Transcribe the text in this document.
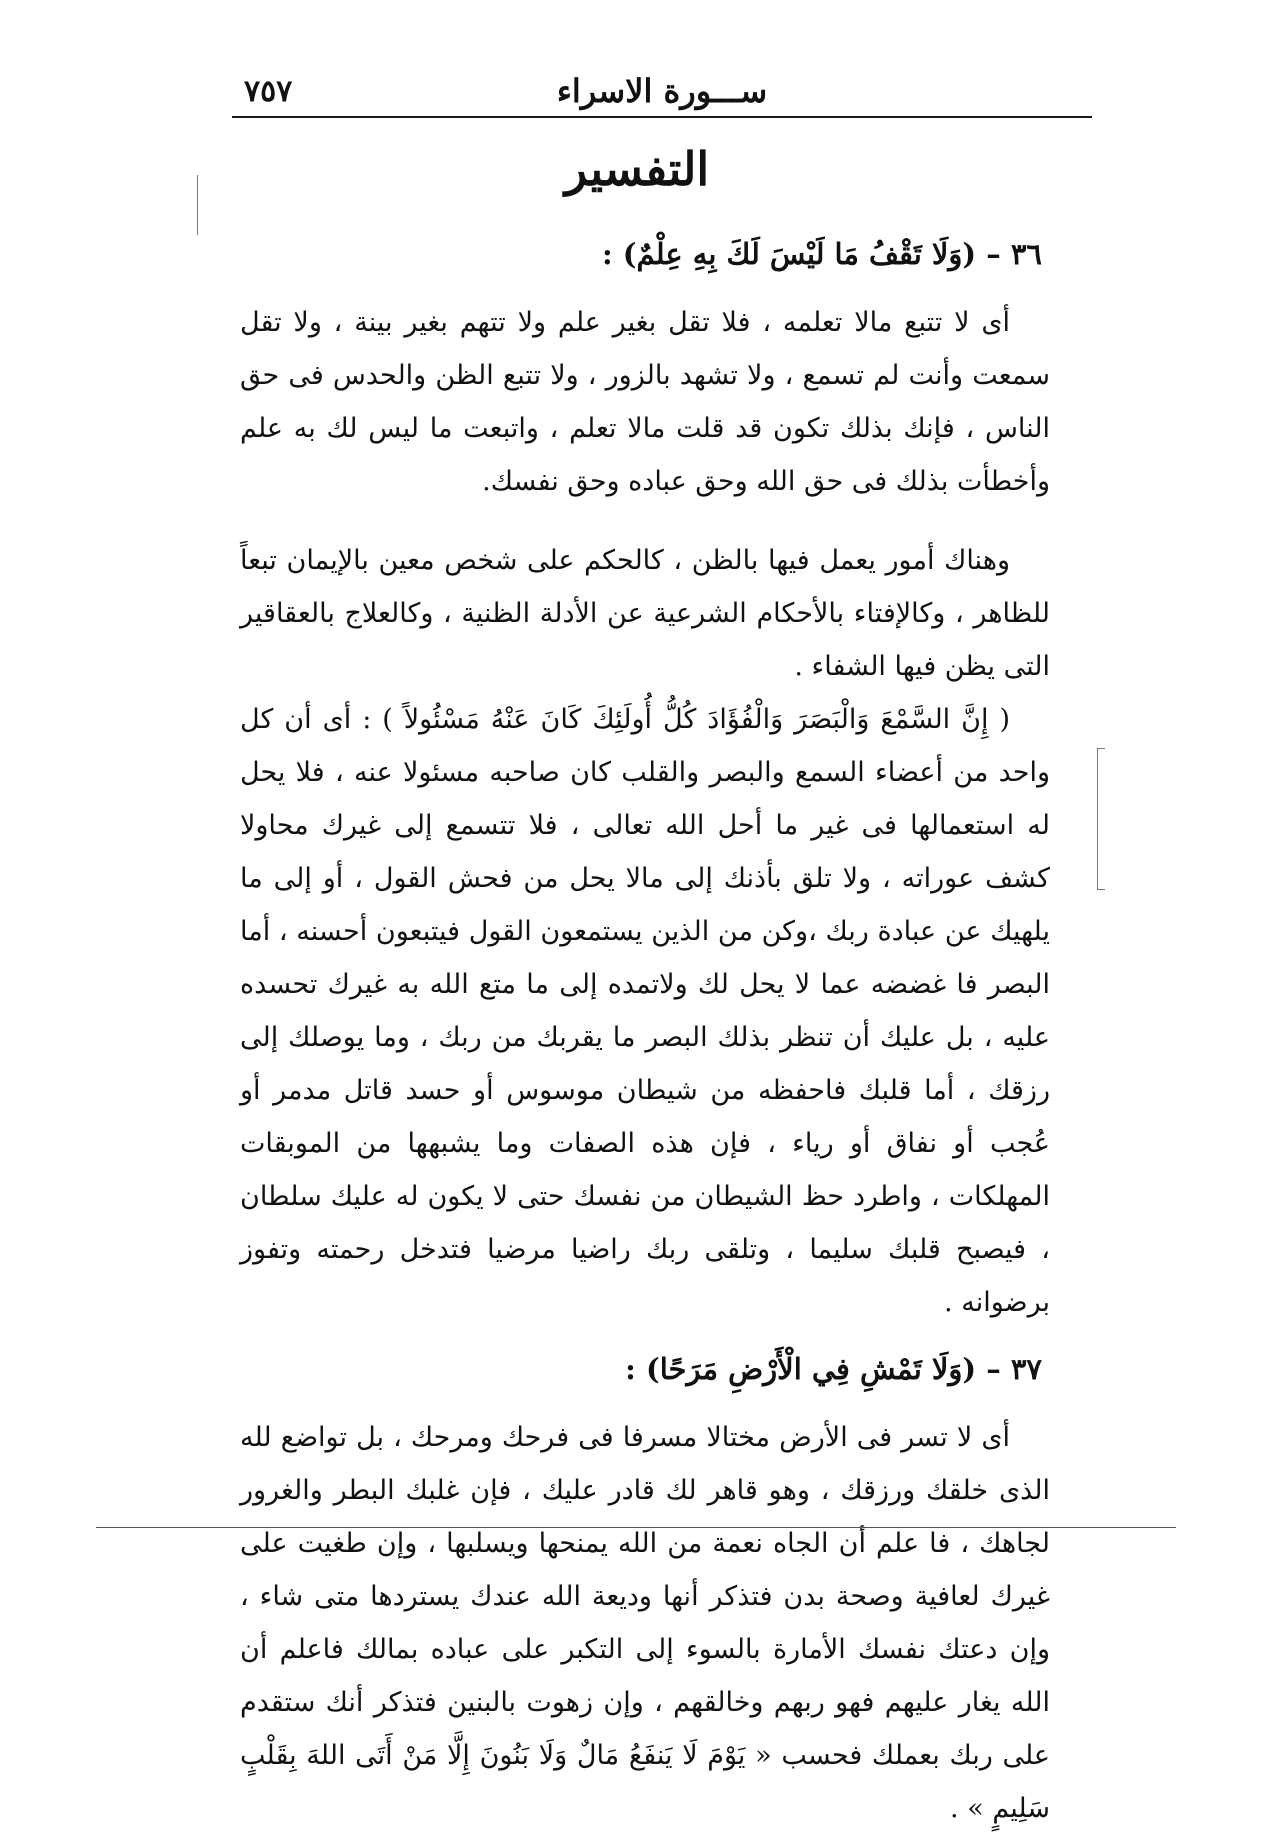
٧٥٧	ســـورة الاسراء
التفسير

٣٦ – (وَلَا تَقْفُ مَا لَيْسَ لَكَ بِهِ عِلْمٌ) :

أى لا تتبع مالا تعلمه ، فلا تقل بغير علم ولا تتهم بغير بينة ، ولا تقل سمعت وأنت لم تسمع ، ولا تشهد بالزور ، ولا تتبع الظن والحدس فى حق الناس ، فإنك بذلك تكون قد قلت مالا تعلم ، واتبعت ما ليس لك به علم وأخطأت بذلك فى حق الله وحق عباده وحق نفسك.

وهناك أمور يعمل فيها بالظن ، كالحكم على شخص معين بالإيمان تبعاً للظاهر ، وكالإفتاء بالأحكام الشرعية عن الأدلة الظنية ، وكالعلاج بالعقاقير التى يظن فيها الشفاء .

( إِنَّ السَّمْعَ وَالْبَصَرَ وَالْفُؤَادَ كُلُّ أُولَئِكَ كَانَ عَنْهُ مَسْئُولاً ) : أى أن كل واحد من أعضاء السمع والبصر والقلب كان صاحبه مسئولا عنه ، فلا يحل له استعمالها فى غير ما أحل الله تعالى ، فلا تتسمع إلى غيرك محاولا كشف عوراته ، ولا تلق بأذنك إلى مالا يحل من فحش القول ، أو إلى ما يلهيك عن عبادة ربك ،وكن من الذين يستمعون القول فيتبعون أحسنه ، أما البصر فا غضضه عما لا يحل لك ولاتمده إلى ما متع الله به غيرك تحسده عليه ، بل عليك أن تنظر بذلك البصر ما يقربك من ربك ، وما يوصلك إلى رزقك ، أما قلبك فاحفظه من شيطان موسوس أو حسد قاتل مدمر أو عُجب أو نفاق أو رياء ، فإن هذه الصفات وما يشبهها من الموبقات المهلكات ، واطرد حظ الشيطان من نفسك حتى لا يكون له عليك سلطان ، فيصبح قلبك سليما ، وتلقى ربك راضيا مرضيا فتدخل رحمته وتفوز برضوانه .

٣٧ – (وَلَا تَمْشِ فِي الْأَرْضِ مَرَحًا) :

أى لا تسر فى الأرض مختالا مسرفا فى فرحك ومرحك ، بل تواضع لله الذى خلقك ورزقك ، وهو قاهر لك قادر عليك ، فإن غلبك البطر والغرور لجاهك ، فا علم أن الجاه نعمة من الله يمنحها ويسلبها ، وإن طغيت على غيرك لعافية وصحة بدن فتذكر أنها وديعة الله عندك يستردها متى شاء ، وإن دعتك نفسك الأمارة بالسوء إلى التكبر على عباده بمالك فاعلم أن الله يغار عليهم فهو ربهم وخالقهم ، وإن زهوت بالبنين فتذكر أنك ستقدم على ربك بعملك فحسب « يَوْمَ لَا يَنفَعُ مَالٌ وَلَا بَنُونَ إِلَّا مَنْ أَتَى اللهَ بِقَلْبٍ سَلِيمٍ » .
